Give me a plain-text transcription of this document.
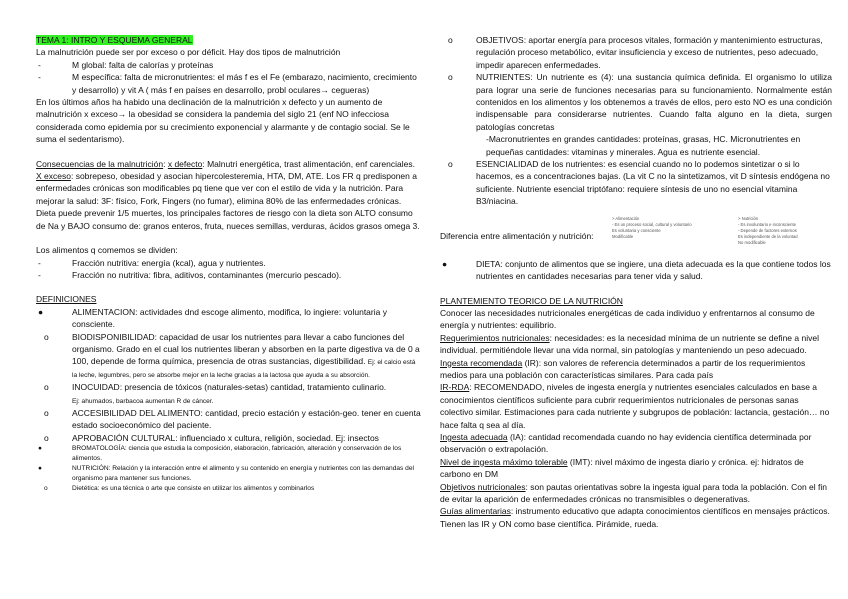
TEMA 1: INTRO Y ESQUEMA GENERAL

La malnutrición puede ser por exceso o por déficit. Hay dos tipos de malnutrición

-	M global: falta de calorías y proteínas
-	M específica: falta de micronutrientes: el más f es el Fe (embarazo, nacimiento, crecimiento y desarrollo) y vit A ( más f en países en desarrollo, probl oculares→ cegueras)

En los últimos años ha habido una declinación de la malnutrición x defecto y un aumento de malnutrición x exceso→ la obesidad se considera la pandemia del siglo 21 (enf NO infecciosa considerada como epidemia por su crecimiento exponencial y alarmante y de contagio social. Se le suma el sedentarismo).

Consecuencias de la malnutrición: x defecto: Malnutri energética, trast alimentación, enf carenciales. X exceso: sobrepeso, obesidad y asocian hipercolesteremia, HTA, DM, ATE. Los FR q predisponen a enfermedades crónicas son modificables pq tiene que ver con el estilo de vida y la nutrición. Para mejorar la salud: 3F: físico, Fork, Fingers (no fumar), elimina 80% de las enfermedades crónicas.

Dieta puede prevenir 1/5 muertes, los principales factores de riesgo con la dieta son ALTO consumo de Na y BAJO consumo de: granos enteros, fruta, nueces semillas, verduras, ácidos grasos omega 3.

Los alimentos q comemos se dividen:

-	Fracción nutritiva: energía (kcal), agua y nutrientes.
-	Fracción no nutritiva: fibra, aditivos, contaminantes (mercurio pescado).

DEFINICIONES

●	ALIMENTACION: actividades dnd escoge alimento, modifica, lo ingiere: voluntaria y consciente.
o	BIODISPONIBILIDAD: capacidad de usar los nutrientes para llevar a cabo funciones del organismo. Grado en el cual los nutrientes liberan y absorben en la parte digestiva va de 0 a 100, depende de forma química, presencia de otras sustancias, digestibilidad. Ej: el calcio está la leche, legumbres, pero se absorbe mejor en la leche gracias a la lactosa que ayuda a su absorción.
o	INOCUIDAD: presencia de tóxicos (naturales-setas) cantidad, tratamiento culinario.
Ej: ahumados, barbacoa aumentan R de cáncer.
o	ACCESIBILIDAD DEL ALIMENTO: cantidad, precio estación y estación-geo. tener en cuenta estado socioeconómico del paciente.
o	APROBACIÓN CULTURAL: influenciado x cultura, religión, sociedad. Ej: insectos
●	BROMATOLOGÍA: ciencia que estudia la composición, elaboración, fabricación, alteración y conservación de los alimentos.
●	NUTRICIÓN: Relación y la interacción entre el alimento y su contenido en energía y nutrientes con las demandas del organismo para mantener sus funciones.
o	Dietética: es una técnica o arte que consiste en utilizar los alimentos y combinarlos
o	OBJETIVOS: aportar energía para procesos vitales, formación y mantenimiento estructuras, regulación proceso metabólico, evitar insuficiencia y exceso de nutrientes, peso adecuado, impedir aparecen enfermedades.
o	NUTRIENTES: Un nutriente es (4): una sustancia química definida. El organismo lo utiliza para lograr una serie de funciones necesarias para su funcionamiento. Normalmente están contenidos en los alimentos y los obtenemos a través de ellos, pero esto NO es una condición indispensable para considerarse nutrientes. Cuando falta alguno en la dieta, surgen patologías concretas

-Macronutrientes en grandes cantidades: proteínas, grasas, HC. Micronutrientes en pequeñas cantidades: vitaminas y minerales. Agua es nutriente esencial.

o	ESENCIALIDAD de los nutrientes: es esencial cuando no lo podemos sintetizar o si lo hacemos, es a concentraciones bajas. (La vit C no la sintetizamos, vit D síntesis endógena no suficiente. Nutriente esencial triptófano: requiere síntesis de uno no esencial vitamina B3/niacina.
Diferencia entre alimentación y nutrición:
> Alimentación
- Es un proceso social, cultural y voluntario
Es voluntaria y consciente
Modificable
> Nutrición
- Es involuntario e inconsciente
- Depende de factores externos
Es independiente de la voluntad
No modificable
●	DIETA: conjunto de alimentos que se ingiere, una dieta adecuada es la que contiene todos los nutrientes en cantidades necesarias para tener vida y salud.

PLANTEMIENTO TEORICO DE LA NUTRICIÓN

Conocer las necesidades nutricionales energéticas de cada individuo y enfrentarnos al consumo de energía y nutrientes: equilibrio.

Requerimientos nutricionales: necesidades: es la necesidad mínima de un nutriente se define a nivel individual. permitiéndole llevar una vida normal, sin patologías y manteniendo un peso adecuado.

Ingesta recomendada (IR): son valores de referencia determinados a partir de los requerimientos medios para una población con características similares. Para cada país

IR-RDA: RECOMENDADO, niveles de ingesta energía y nutrientes esenciales calculados en base a conocimientos científicos suficiente para cubrir requerimientos nutricionales de personas sanas colectivo similar. Estimaciones para cada nutriente y subgrupos de población: lactancia, gestación… no hace falta q sea al día.

Ingesta adecuada (IA): cantidad recomendada cuando no hay evidencia científica determinada por observación o extrapolación.

Nivel de ingesta máximo tolerable (IMT): nivel máximo de ingesta diario y crónica. ej: hidratos de carbono en DM

Objetivos nutricionales: son pautas orientativas sobre la ingesta igual para toda la población. Con el fin de evitar la aparición de enfermedades crónicas no transmisibles o degenerativas.

Guías alimentarias: instrumento educativo que adapta conocimientos científicos en mensajes prácticos. Tienen las IR y ON como base científica. Pirámide, rueda.
